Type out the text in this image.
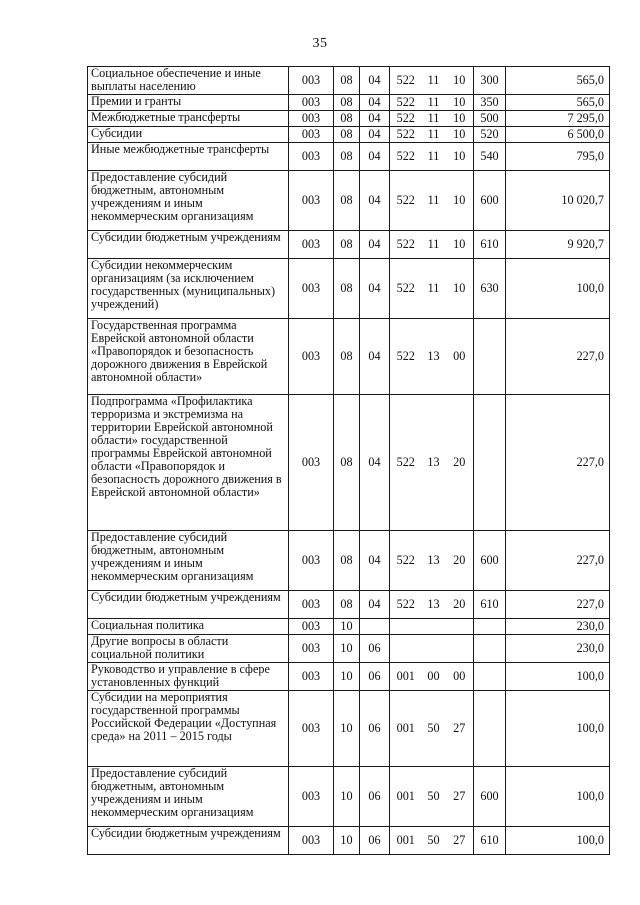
35
Социальное обеспечение и иные выплаты населению	003	08	04	522	11	10	300	565,0
Премии и гранты	003	08	04	522	11	10	350	565,0
Межбюджетные трансферты	003	08	04	522	11	10	500	7 295,0
Субсидии	003	08	04	522	11	10	520	6 500,0
Иные межбюджетные трансферты	003	08	04	522	11	10	540	795,0
Предоставление субсидий бюджетным, автономным учреждениям и иным некоммерческим организациям	003	08	04	522	11	10	600	10 020,7
Субсидии бюджетным учреждениям	003	08	04	522	11	10	610	9 920,7
Субсидии некоммерческим организациям (за исключением государственных (муниципальных) учреждений)	003	08	04	522	11	10	630	100,0
Государственная программа Еврейской автономной области «Правопорядок и безопасность дорожного движения в Еврейской автономной области»	003	08	04	522	13	00		227,0
Подпрограмма «Профилактика терроризма и экстремизма на территории Еврейской автономной области» государственной программы Еврейской автономной области «Правопорядок и безопасность дорожного движения в Еврейской автономной области»	003	08	04	522	13	20		227,0
Предоставление субсидий бюджетным, автономным учреждениям и иным некоммерческим организациям	003	08	04	522	13	20	600	227,0
Субсидии бюджетным учреждениям	003	08	04	522	13	20	610	227,0
Социальная политика	003	10						230,0
Другие вопросы в области социальной политики	003	10	06					230,0
Руководство и управление в сфере установленных функций	003	10	06	001	00	00		100,0
Субсидии на мероприятия государственной программы Российской Федерации «Доступная среда» на 2011 – 2015 годы	003	10	06	001	50	27		100,0
Предоставление субсидий бюджетным, автономным учреждениям и иным некоммерческим организациям	003	10	06	001	50	27	600	100,0
Субсидии бюджетным учреждениям	003	10	06	001	50	27	610	100,0
